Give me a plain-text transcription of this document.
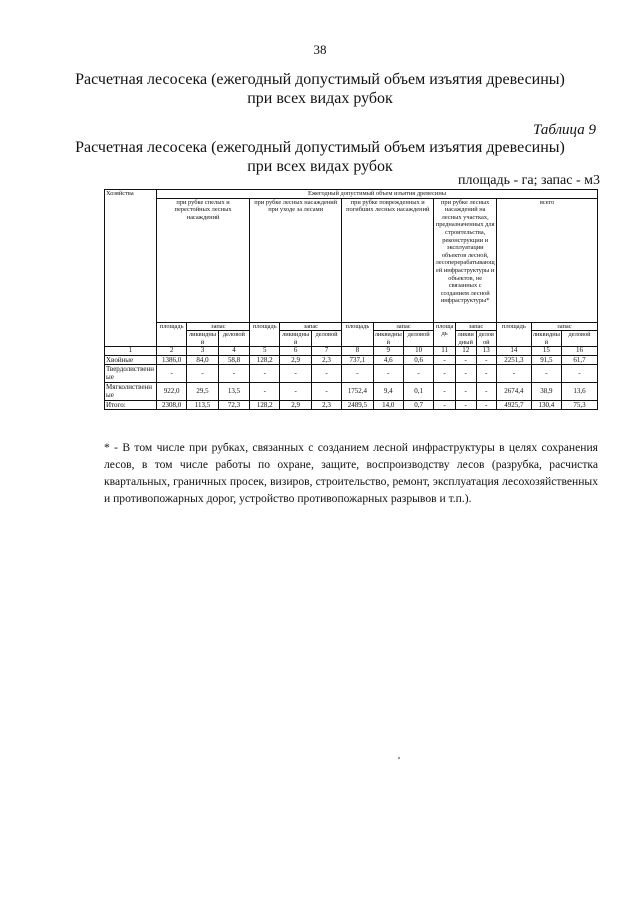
38
Расчетная лесосека (ежегодный допустимый объем изъятия древесины)
при всех видах рубок
Таблица 9
Расчетная лесосека (ежегодный допустимый объем изъятия древесины)
при всех видах рубок
площадь - га; запас - м3
Хозяйства	Ежегодный допустимый объем изъятия древесины														
	при рубке спелых и перестойных лесных насаждений			при рубке лесных насаждений при уходе за лесами			при рубке поврежденных и погибших лесных насаждений			при рубке лесных насаждений на лесных участках, предназначенных для строительства, реконструкции и эксплуатации объектов лесной, лесоперерабатывающей инфраструктуры и объектов, не связанных с созданием лесной инфраструктуры*			всего		
	площадь	запас		площадь	запас		площадь	запас		площадь	запас		площадь	запас	
		ликвидный	деловой		ликвидный	деловой		ликвидный	деловой		ликвидный	деловой		ликвидный	деловой
1	2	3	4	5	6	7	8	9	10	11	12	13	14	15	16
Хвойные	1386,0	84,0	58,8	128,2	2,9	2,3	737,1	4,6	0,6	-	-	-	2251,3	91,5	61,7
Твердолиственные	-	-	-	-	-	-	-	-	-	-	-	-	-	-	-
Мягколиственные	922,0	29,5	13,5	-	-	-	1752,4	9,4	0,1	-	-	-	2674,4	38,9	13,6
Итого:	2308,0	113,5	72,3	128,2	2,9	2,3	2489,5	14,0	0,7	-	-	-	4925,7	130,4	75,3
* - В том числе при рубках, связанных с созданием лесной инфраструктуры в целях сохранения лесов, в том числе работы по охране, защите, воспроизводству лесов (разрубка, расчистка квартальных, граничных просек, визиров, строительство, ремонт, эксплуатация лесохозяйственных и противопожарных дорог, устройство противопожарных разрывов и т.п.).
